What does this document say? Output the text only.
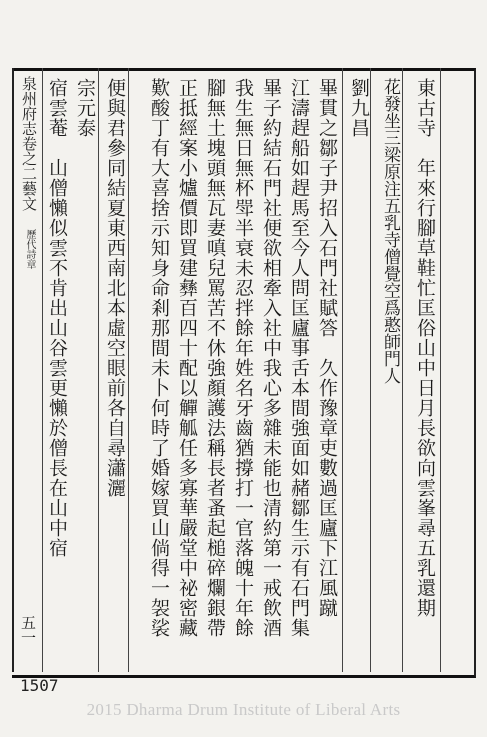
泉州府志卷之二藝文 歷代詩章
五一
東古寺　年來行腳草鞋忙匡俗山中日月長欲向雲峯尋五乳還期
花發坐三梁原注五乳寺僧覺空爲憨師門人
劉九昌
畢貫之鄒子尹招入石門社賦答　久作豫章吏數過匡廬下江風蹴
江濤趕船如趕馬至今人問匡廬事舌本間強面如赭鄒生示有石門集
畢子約結石門社便欲相牽入社中我心多雜未能也清約第一戒飲酒
我生無日無杯斝半衰未忍拌餘年姓名牙齒猶撐打一官落魄十年餘
腳無土塊頭無瓦妻嗔兒罵苦不休強顏護法稱長者蚤起槌碎爛銀帶
正抵經案小爐價即買建彝百四十配以觶觚任多寡華嚴堂中祕密藏
歎酸丁有大喜捨示知身命剎那間未卜何時了婚嫁買山倘得一袈裟
便與君參同結夏東西南北本虛空眼前各自尋瀟灑
宗元泰
宿雲菴　山僧懶似雲不肯出山谷雲更懶於僧長在山中宿
1507
2015 Dharma Drum Institute of Liberal Arts
